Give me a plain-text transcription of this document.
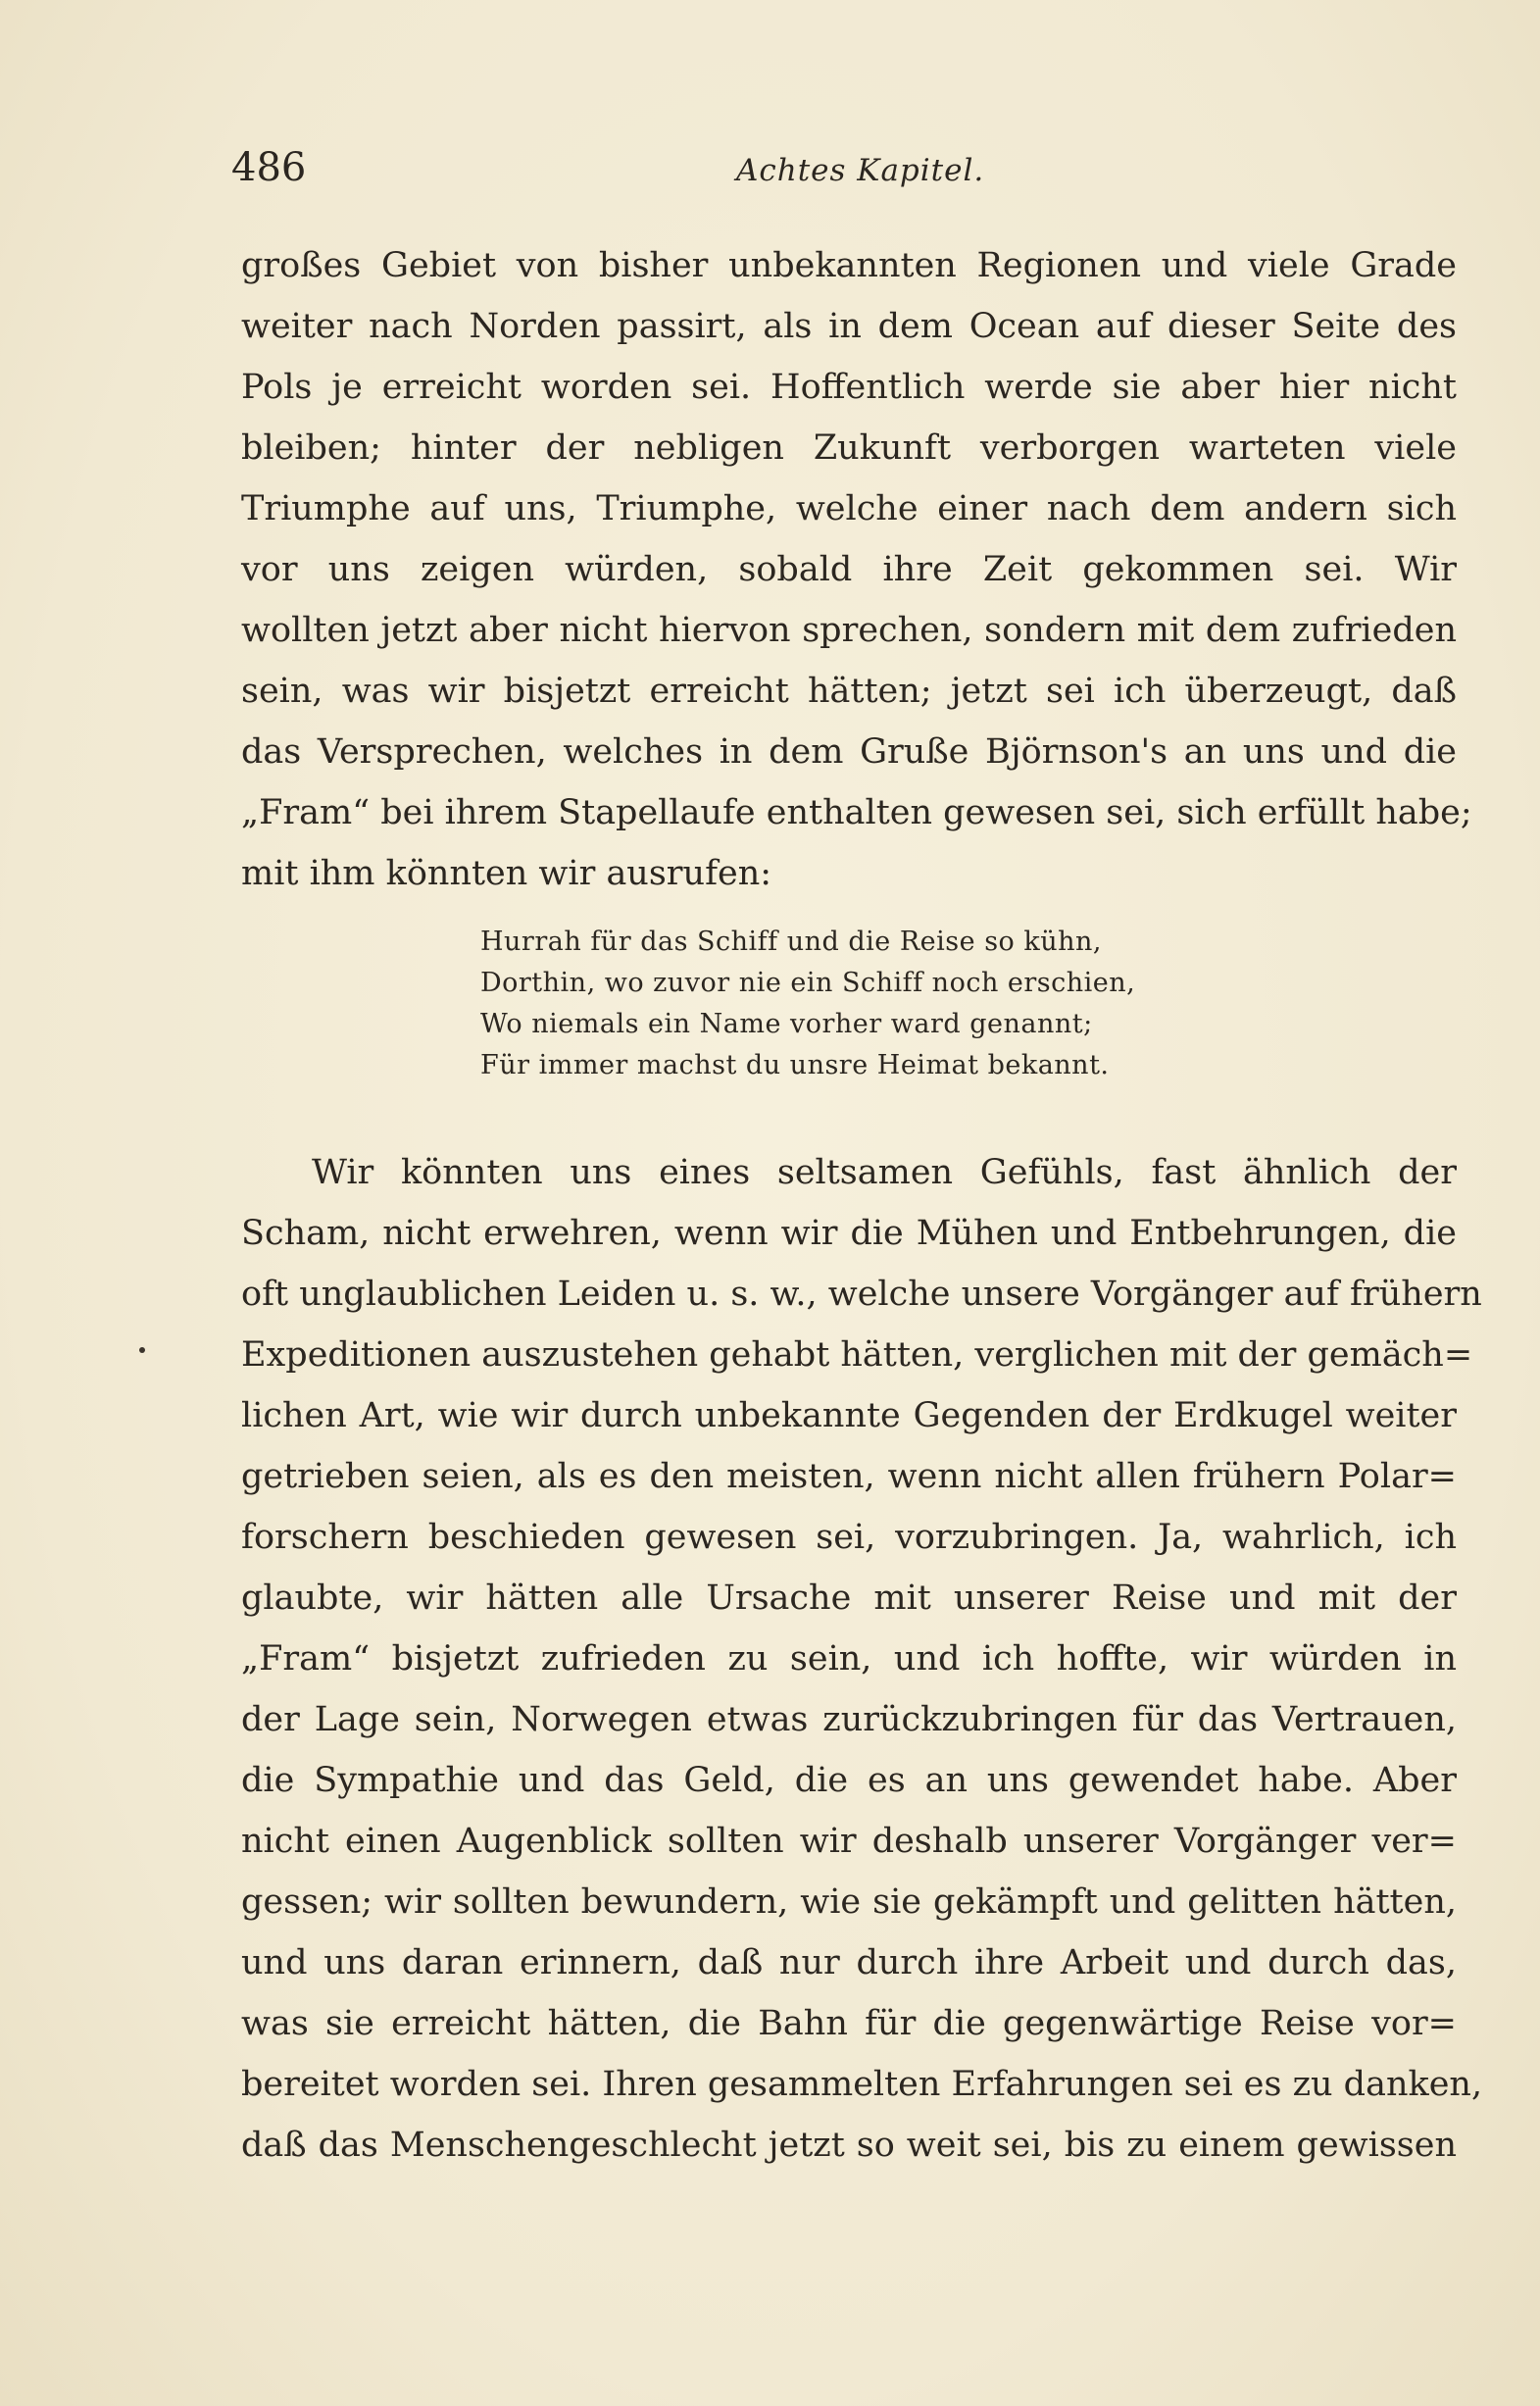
486	Achtes Kapitel.
großes Gebiet von bisher unbekannten Regionen und viele Grade
weiter nach Norden passirt, als in dem Ocean auf dieser Seite des
Pols je erreicht worden sei. Hoffentlich werde sie aber hier nicht
bleiben; hinter der nebligen Zukunft verborgen warteten viele
Triumphe auf uns, Triumphe, welche einer nach dem andern sich
vor uns zeigen würden, sobald ihre Zeit gekommen sei. Wir
wollten jetzt aber nicht hiervon sprechen, sondern mit dem zufrieden
sein, was wir bisjetzt erreicht hätten; jetzt sei ich überzeugt, daß
das Versprechen, welches in dem Gruße Björnson's an uns und die
„Fram“ bei ihrem Stapellaufe enthalten gewesen sei, sich erfüllt habe;
mit ihm könnten wir ausrufen:
Hurrah für das Schiff und die Reise so kühn,
Dorthin, wo zuvor nie ein Schiff noch erschien,
Wo niemals ein Name vorher ward genannt;
Für immer machst du unsre Heimat bekannt.
Wir könnten uns eines seltsamen Gefühls, fast ähnlich der
Scham, nicht erwehren, wenn wir die Mühen und Entbehrungen, die
oft unglaublichen Leiden u. s. w., welche unsere Vorgänger auf frühern
Expeditionen auszustehen gehabt hätten, verglichen mit der gemäch=
lichen Art, wie wir durch unbekannte Gegenden der Erdkugel weiter
getrieben seien, als es den meisten, wenn nicht allen frühern Polar=
forschern beschieden gewesen sei, vorzubringen. Ja, wahrlich, ich
glaubte, wir hätten alle Ursache mit unserer Reise und mit der
„Fram“ bisjetzt zufrieden zu sein, und ich hoffte, wir würden in
der Lage sein, Norwegen etwas zurückzubringen für das Vertrauen,
die Sympathie und das Geld, die es an uns gewendet habe. Aber
nicht einen Augenblick sollten wir deshalb unserer Vorgänger ver=
gessen; wir sollten bewundern, wie sie gekämpft und gelitten hätten,
und uns daran erinnern, daß nur durch ihre Arbeit und durch das,
was sie erreicht hätten, die Bahn für die gegenwärtige Reise vor=
bereitet worden sei. Ihren gesammelten Erfahrungen sei es zu danken,
daß das Menschengeschlecht jetzt so weit sei, bis zu einem gewissen
